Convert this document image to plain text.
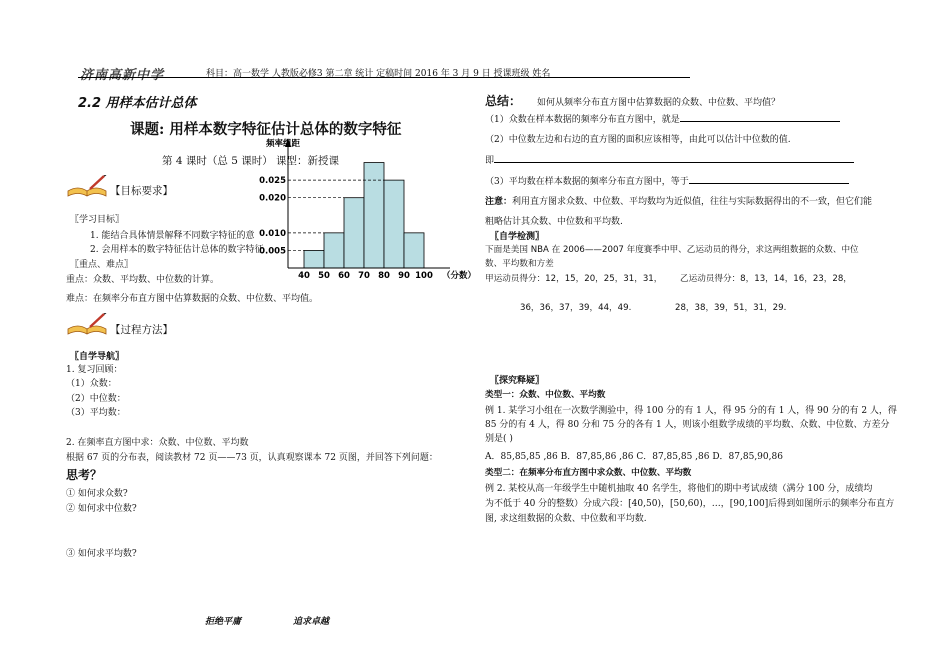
济南高新中学	科目：高一数学 人教版必修3 第二章 统计 定稿时间 2016 年 3 月 9 日 授课班级 姓名
2.2 用样本估计总体
课题: 用样本数字特征估计总体的数字特征
第 4 课时（总 5 课时） 课型：新授课
【目标要求】
〖学习目标〗
1. 能结合具体情景解释不同数字特征的意
2. 会用样本的数字特征估计总体的数字特征
〖重点、难点〗
重点：众数、平均数、中位数的计算。
难点：在频率分布直方图中估算数据的众数、中位数、平均值。
【过程方法】
〖自学导航〗
1. 复习回顾：
（1）众数：
（2）中位数：
（3）平均数：
2. 在频率直方图中求：众数、中位数、平均数
根据 67 页的分布表，阅读教材 72 页——73 页，认真观察课本 72 页图，并回答下列问题：
思考？
① 如何求众数?
② 如何求中位数?
③ 如何求平均数?
拒绝平庸	追求卓越
频率组距
0.005
0.010
0.020
0.025
40 50 60 70 80 90 100 （分数）
总结： 如何从频率分布直方图中估算数据的众数、中位数、平均值？
（1）众数在样本数据的频率分布直方图中，就是
（2）中位数左边和右边的直方图的面积应该相等，由此可以估计中位数的值.
即
（3）平均数在样本数据的频率分布直方图中，等于
注意：利用直方图求众数、中位数、平均数均为近似值，往往与实际数据得出的不一致，但它们能
粗略估计其众数、中位数和平均数.
〖自学检测〗
下面是美国 NBA 在 2006——2007 年度赛季中甲、乙运动员的得分，求这两组数据的众数、中位
数、平均数和方差
甲运动员得分：12，15，20，25，31，31， 乙运动员得分：8，13，14，16，23，28，
36，36，37，39，44，49.	28，38，39，51，31，29.
〖探究释疑〗
类型一：众数、中位数、平均数
例 1. 某学习小组在一次数学测验中，得 100 分的有 1 人，得 95 分的有 1 人，得 90 分的有 2 人，得
85 分的有 4 人，得 80 分和 75 分的各有 1 人，则该小组数学成绩的平均数、众数、中位数、方差分
别是( )
A．85,85,85 ,86 B．87,85,86 ,86 C．87,85,85 ,86 D．87,85,90,86
类型二：在频率分布直方图中求众数、中位数、平均数
例 2. 某校从高一年级学生中随机抽取 40 名学生，将他们的期中考试成绩（满分 100 分，成绩均
为不低于 40 分的整数）分成六段：[40,50)，[50,60)，…，[90,100]后得到如图所示的频率分布直方
图, 求这组数据的众数、中位数和平均数.
